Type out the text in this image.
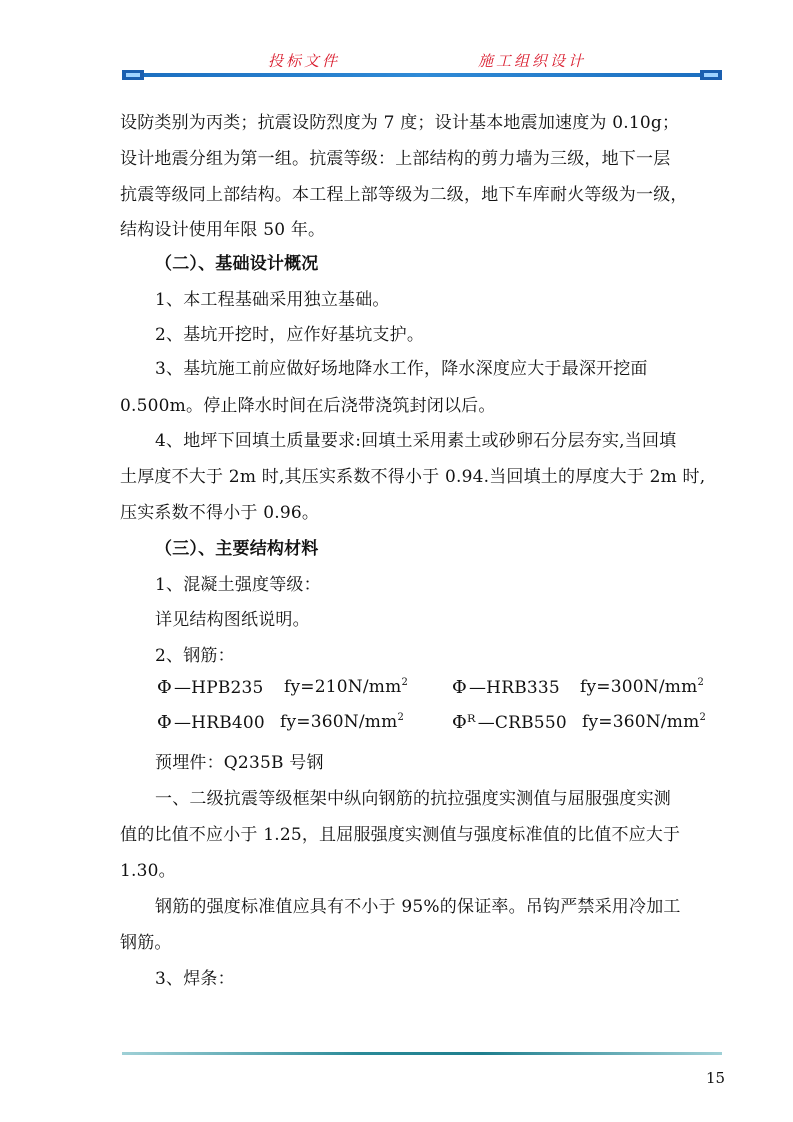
投标文件	施工组织设计
设防类别为丙类；抗震设防烈度为 7 度；设计基本地震加速度为 0.10g；
设计地震分组为第一组。抗震等级：上部结构的剪力墙为三级，地下一层
抗震等级同上部结构。本工程上部等级为二级，地下车库耐火等级为一级，
结构设计使用年限 50 年。
（二）、基础设计概况
1、本工程基础采用独立基础。
2、基坑开挖时，应作好基坑支护。
3、基坑施工前应做好场地降水工作，降水深度应大于最深开挖面
0.500m。停止降水时间在后浇带浇筑封闭以后。
4、地坪下回填土质量要求:回填土采用素土或砂卵石分层夯实,当回填
土厚度不大于 2m 时,其压实系数不得小于 0.94.当回填土的厚度大于 2m 时,
压实系数不得小于 0.96。
（三）、主要结构材料
1、混凝土强度等级：
详见结构图纸说明。
2、钢筋：
Φ —HPB235 $fy=210N/mm^2$ Φ —HRB335 $fy=300N/mm^2$
Φ —HRB400 $fy=360N/mm^2$	Φᴿ —CRB550 $fy=360N/mm^2$
预埋件：Q235B 号钢
一、二级抗震等级框架中纵向钢筋的抗拉强度实测值与屈服强度实测
值的比值不应小于 1.25，且屈服强度实测值与强度标准值的比值不应大于
1.30。
钢筋的强度标准值应具有不小于 95%的保证率。吊钩严禁采用冷加工
钢筋。
3、焊条：
15
